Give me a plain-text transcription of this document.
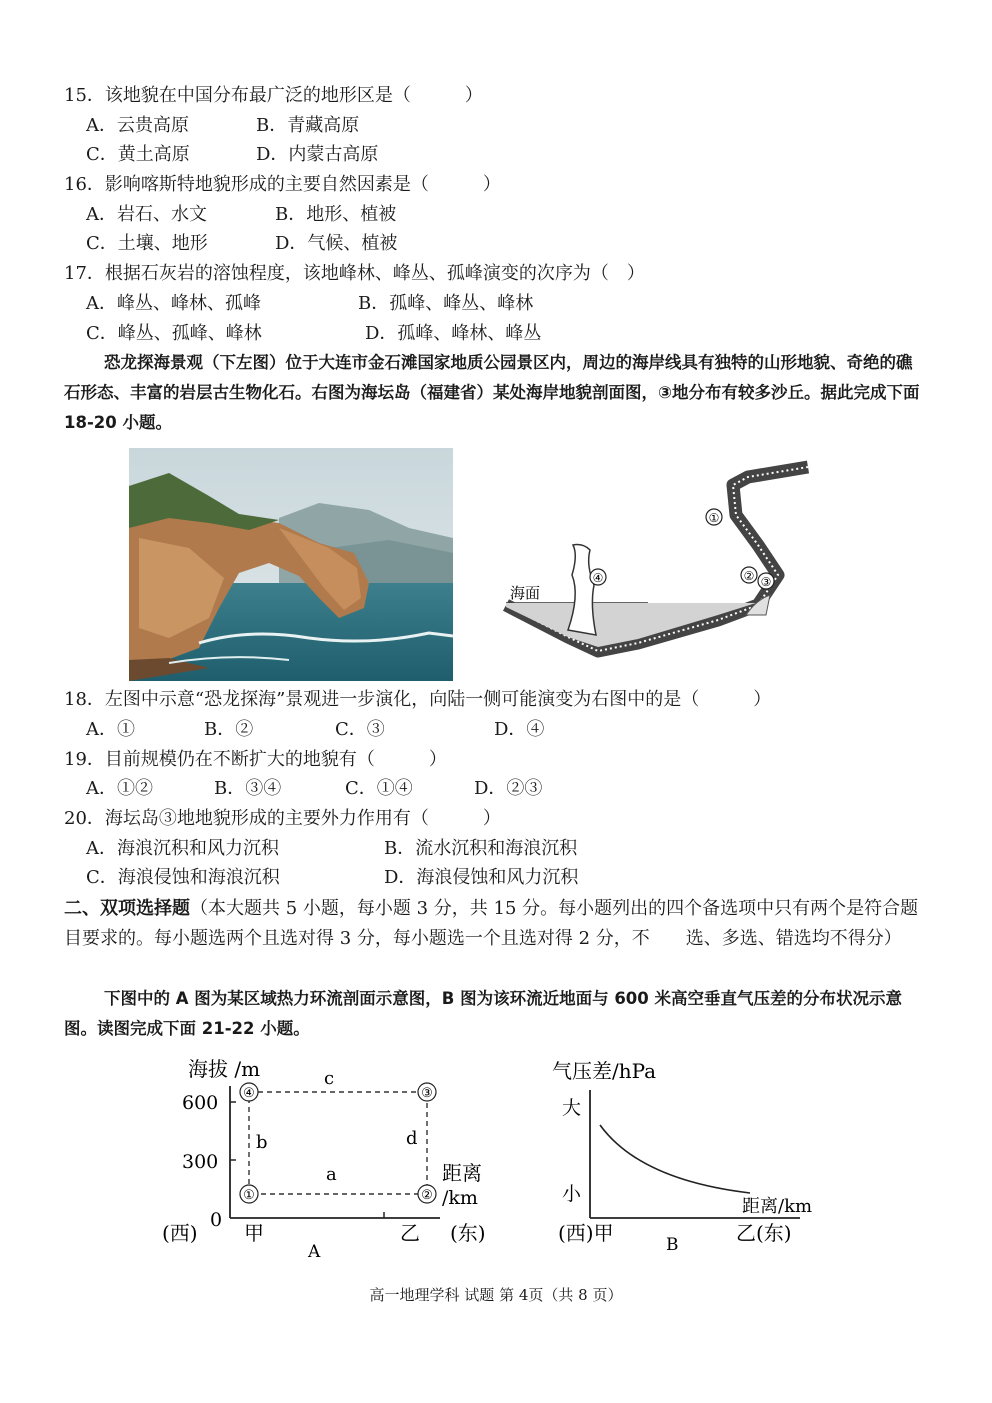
15．该地貌在中国分布最广泛的地形区是（　　　）
A．云贵高原	B．青藏高原
C．黄土高原	D．内蒙古高原
16．影响喀斯特地貌形成的主要自然因素是（　　　）
A．岩石、水文	B．地形、植被
C．土壤、地形	D．气候、植被
17．根据石灰岩的溶蚀程度，该地峰林、峰丛、孤峰演变的次序为（　）
A．峰丛、峰林、孤峰	B．孤峰、峰丛、峰林
C．峰丛、孤峰、峰林	D．孤峰、峰林、峰丛
恐龙探海景观（下左图）位于大连市金石滩国家地质公园景区内，周边的海岸线具有独特的山形地貌、奇绝的礁石形态、丰富的岩层古生物化石。右图为海坛岛（福建省）某处海岸地貌剖面图，③地分布有较多沙丘。据此完成下面 18-20 小题。
海面
①
② ③
④
18．左图中示意“恐龙探海”景观进一步演化，向陆一侧可能演变为右图中的是（　　　）
A．①	B．②	C．③	D．④
19．目前规模仍在不断扩大的地貌有（　　　）
A．①②	B．③④	C．①④	D．②③
20．海坛岛③地地貌形成的主要外力作用有（　　　）
A．海浪沉积和风力沉积	B．流水沉积和海浪沉积
C．海浪侵蚀和海浪沉积	D．海浪侵蚀和风力沉积
二、双项选择题（本大题共 5 小题，每小题 3 分，共 15 分。每小题列出的四个备选项中只有两个是符合题目要求的。每小题选两个且选对得 3 分，每小题选一个且选对得 2 分，不　　选、多选、错选均不得分）
下图中的 A 图为某区域热力环流剖面示意图，B 图为该环流近地面与 600 米高空垂直气压差的分布状况示意图。读图完成下面 21-22 小题。
海拔 /m
600
300
0
④	③
①	②
c
b	d
a	距离
/km
(西) 甲	乙 (东)
A
气压差/hPa
大
小
距离/km
(西)甲	乙(东)
B
高一地理学科 试题 第 4页（共 8 页）
